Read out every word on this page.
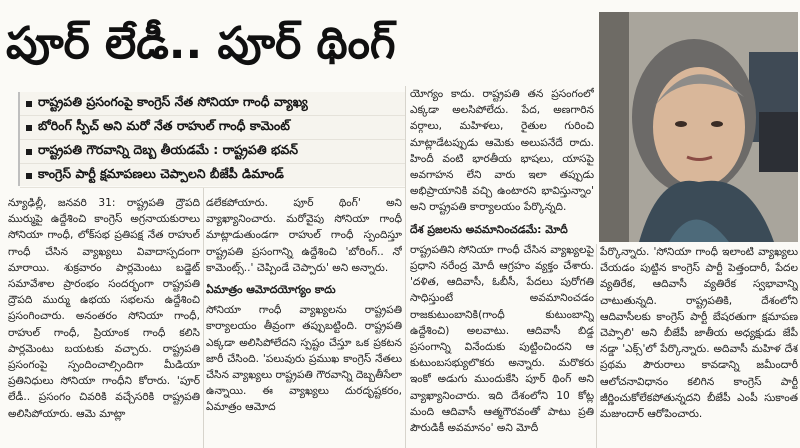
పూర్ లేడీ.. పూర్ థింగ్
రాష్ట్రపతి ప్రసంగంపై కాంగ్రెస్ నేత సోనియా గాంధీ వ్యాఖ్య
బోరింగ్ స్పీచ్ అని మరో నేత రాహుల్ గాంధీ కామెంట్
రాష్ట్రపతి గౌరవాన్ని దెబ్బ తీయడమే : రాష్ట్రపతి భవన్
కాంగ్రెస్ పార్టీ క్షమాపణలు చెప్పాలని బీజేపీ డిమాండ్

న్యూఢిల్లీ, జనవరి 31: రాష్ట్రపతి ద్రౌపది ముర్ముపై ఉద్దేశించి కాంగ్రెస్ అగ్రనాయకురాలు సోనియా గాంధీ, లోక్‌సభ ప్రతిపక్ష నేత రాహుల్ గాంధీ చేసిన వ్యాఖ్యలు వివాదాస్పదంగా మారాయి. శుక్రవారం పార్లమెంటు బడ్జెట్ సమావేశాల ప్రారంభం సందర్భంగా రాష్ట్రపతి ద్రౌపది ముర్ము ఉభయ సభలను ఉద్దేశించి ప్రసంగించారు. అనంతరం సోనియా గాంధీ, రాహుల్ గాంధీ, ప్రియాంక గాంధీ కలిసి పార్లమెంటు బయటకు వచ్చారు. రాష్ట్రపతి ప్రసంగంపై స్పందించాల్సిందిగా మీడియా ప్రతినిధులు సోనియా గాంధీని కోరారు. 'పూర్ లేడీ.. ప్రసంగం చివరికి వచ్చేసరికి రాష్ట్రపతి అలిసిపోయారు. ఆమె మాట్లా

డలేకపోయారు. పూర్ థింగ్' అని వ్యాఖ్యానించారు. మరోవైపు సోనియా గాంధీ మాట్లాడుతుండగా రాహుల్ గాంధీ స్పందిస్తూ రాష్ట్రపతి ప్రసంగాన్ని ఉద్దేశించి 'బోరింగ్.. నో కామెంట్స్..' చెప్పిండే చెప్పారు' అని అన్నారు.

ఏమాత్రం ఆమోదయోగ్యం కాదు

సోనియా గాంధీ వ్యాఖ్యలను రాష్ట్రపతి కార్యాలయం తీవ్రంగా తప్పుబట్టింది. రాష్ట్రపతి ఎక్కడా అలిసిపోలేదని స్పష్టం చేస్తూ ఒక ప్రకటన జారీ చేసింది. 'పలువురు ప్రముఖ కాంగ్రెస్ నేతలు చేసిన వ్యాఖ్యలు రాష్ట్రపతి గౌరవాన్ని దెబ్బతీసేలా ఉన్నాయి. ఈ వ్యాఖ్యలు దురదృష్టకరం, ఏమాత్రం ఆమోద

యోగ్యం కాదు. రాష్ట్రపతి తన ప్రసంగంలో ఎక్కడా అలసిపోలేదు. పేద, అణగారిన వర్గాలు, మహిళలు, రైతుల గురించి మాట్లాడేటప్పుడు ఆమెకు అలుపనేదే రాదు. హిందీ వంటి భారతీయ భాషలు, యాసపై అవగాహన లేని వారు ఇలా తప్పుడు అభిప్రాయానికి వచ్చి ఉంటారని భావిస్తున్నాం' అని రాష్ట్రపతి కార్యాలయం పేర్కొన్నది.

దేశ ప్రజలను అవమానించడమే: మోదీ

రాష్ట్రపతిని సోనియా గాంధీ చేసిన వ్యాఖ్యలపై ప్రధాని నరేంద్ర మోదీ ఆగ్రహం వ్యక్తం చేశారు. 'దళిత, ఆదివాసీ, ఓబీసీ, పేదలు పురోగతి సాధిస్తుంటే అవమానించడం రాజకుటుంబానికి(గాంధీ కుటుంబాన్ని ఉద్దేశించి) అలవాటు. ఆదివాసీ బిడ్డ ప్రసంగాన్ని వినేందుకు పుట్టించిందని ఆ కుటుంబసభ్యులొకరు అన్నారు. మరొకరు ఇంకో అడుగు ముందుకేసి పూర్ థింగ్ అని వ్యాఖ్యానించారు. ఇది దేశంలోని 10 కోట్ల మంది ఆదివాసీ ఆత్మగౌరవంతో పాటు ప్రతి పౌరుడికీ అవమానం' అని మోదీ

పేర్కొన్నారు. 'సోనియా గాంధీ ఇలాంటి వ్యాఖ్యలు చేయడం పుట్టిన కాంగ్రెస్ పార్టీ పెత్తందారీ, పేదల వ్యతిరేక, ఆదివాసీ వ్యతిరేక స్వభావాన్ని చాటుతున్నది. రాష్ట్రపతికి, దేశంలోని ఆదివాసీలకు కాంగ్రెస్ పార్టీ బేషరతుగా క్షమాపణ చెప్పాలి' అని బీజేపీ జాతీయ అధ్యక్షుడు జేపీ నడ్డా 'ఎక్స్'లో పేర్కొన్నారు. అదివాసీ మహిళ దేశ ప్రథమ పౌరురాలు కావడాన్ని జమీందారీ ఆలోచనావిధానం కలిగిన కాంగ్రెస్ పార్టీ జీర్ణించుకోలేకపోతున్నదని బీజేపీ ఎంపీ సుకాంత మజుందార్ ఆరోపించారు.
